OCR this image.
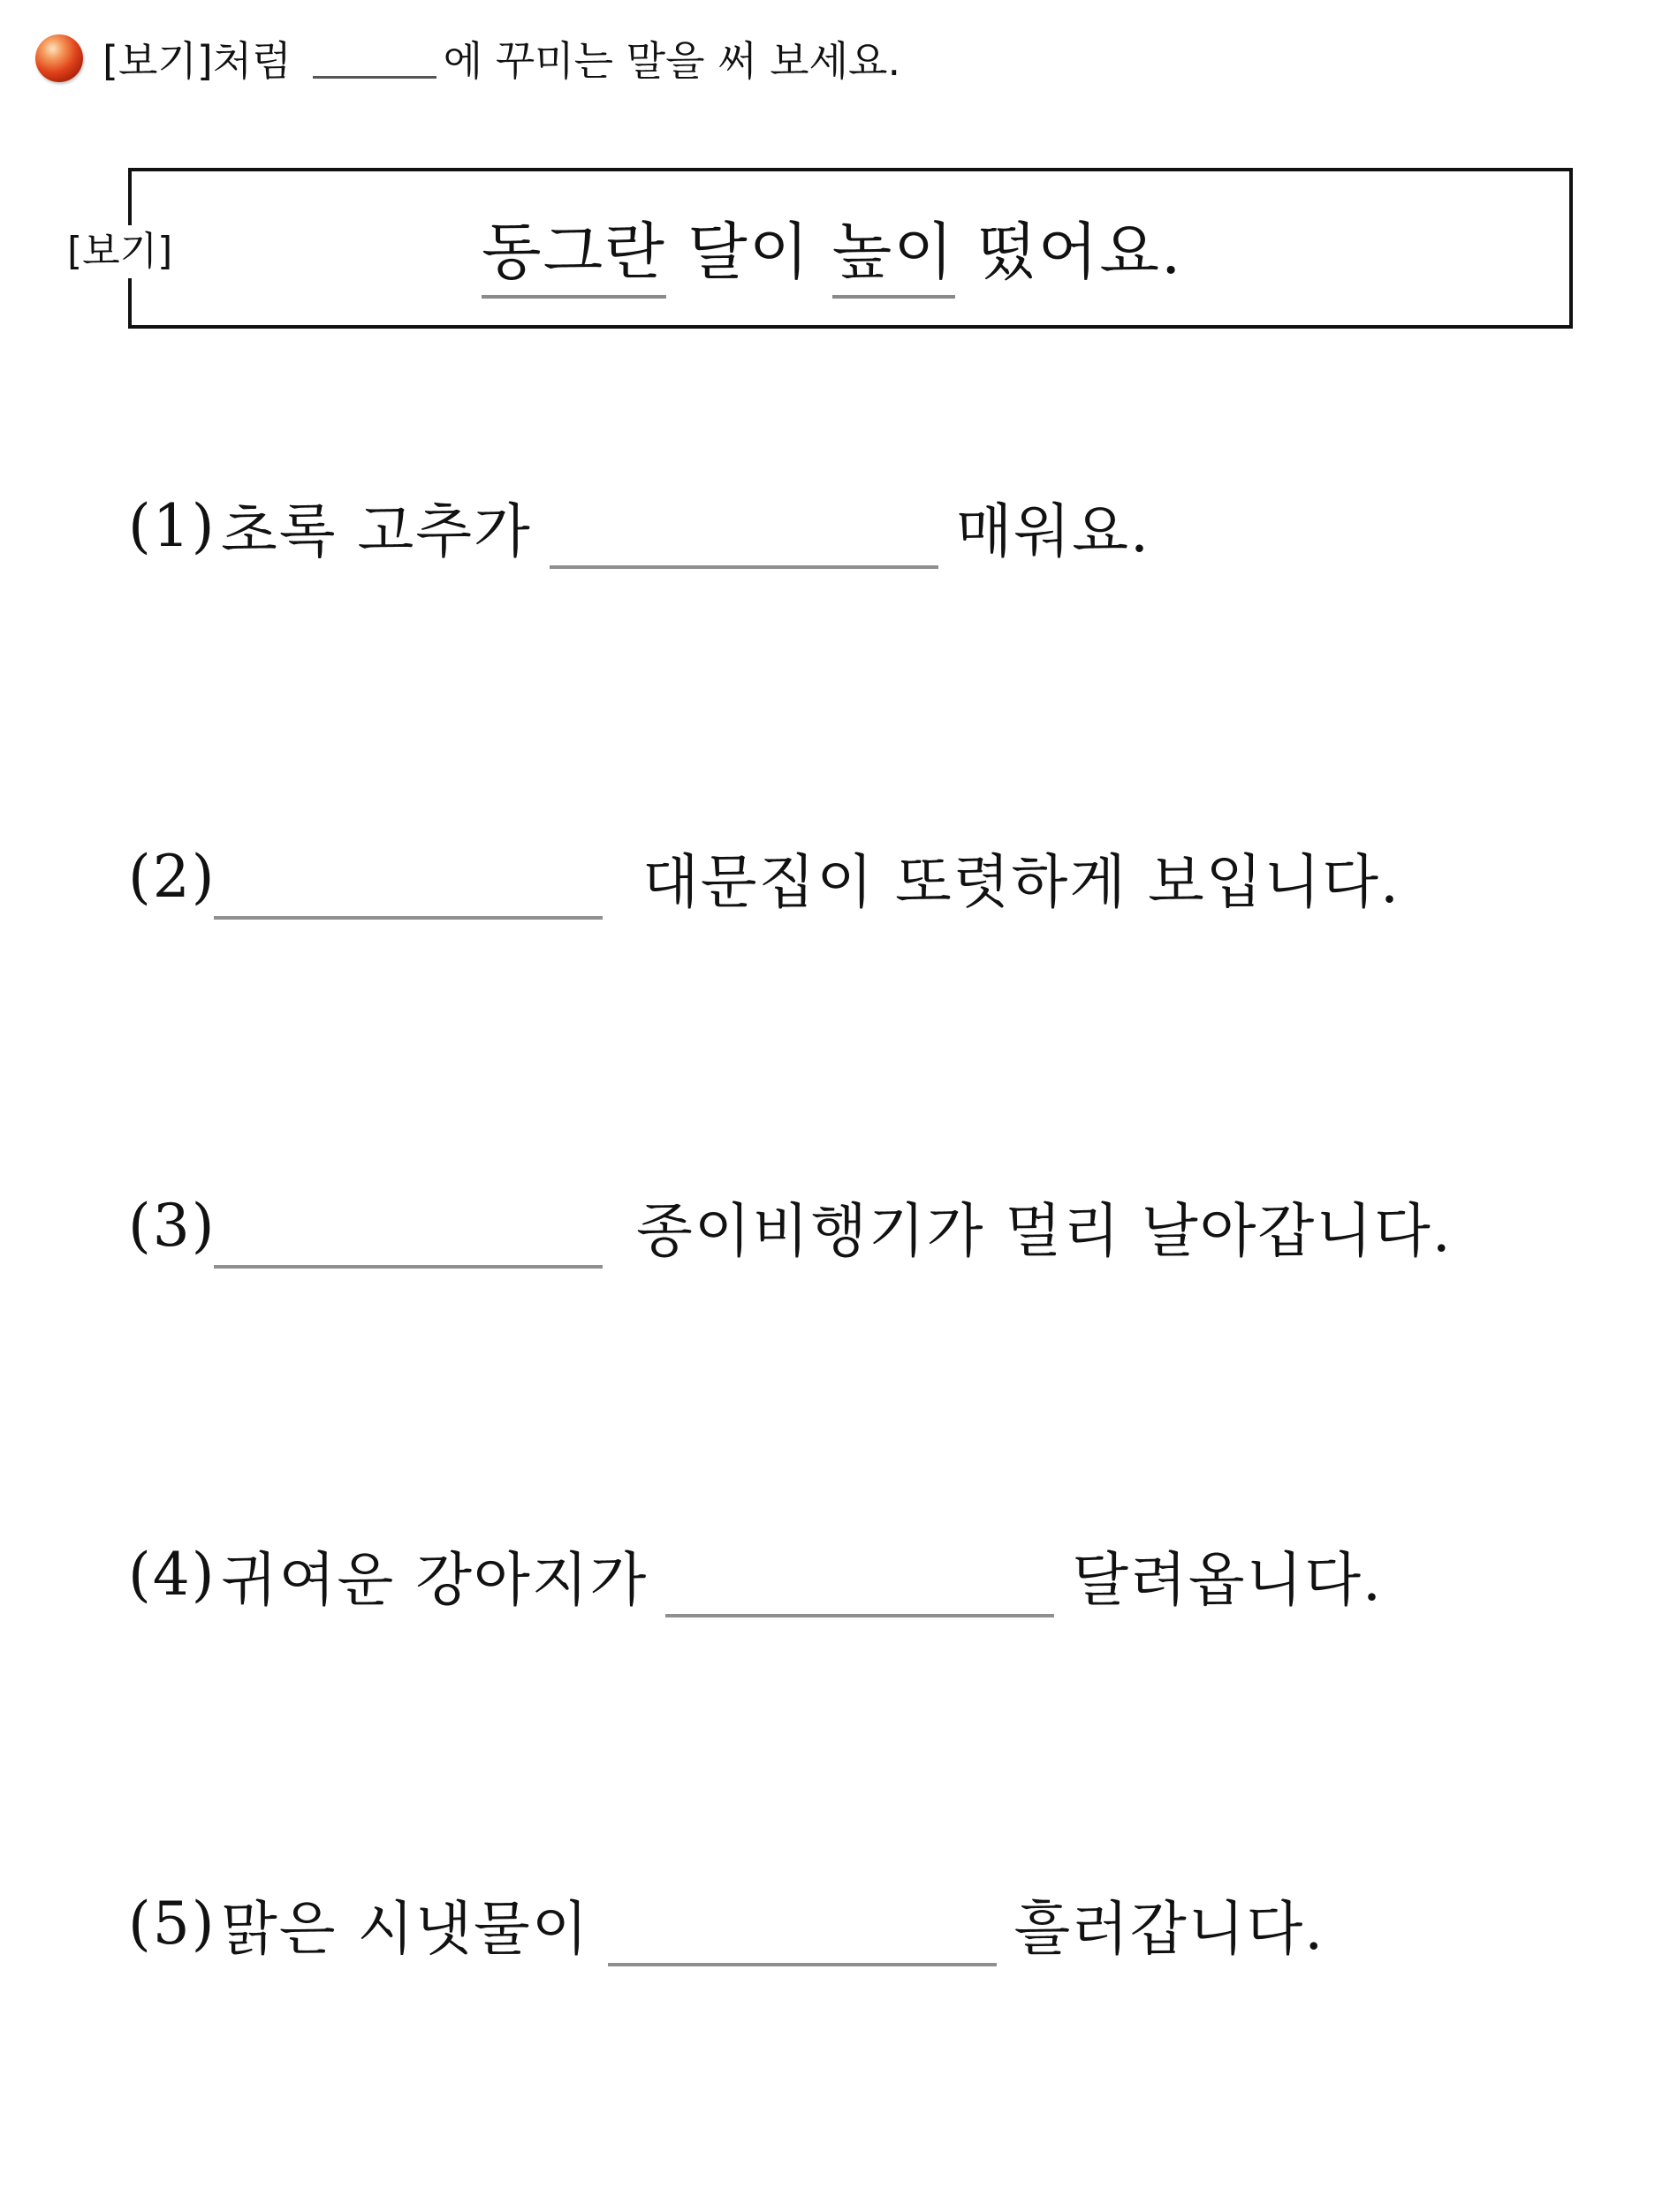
[보기]처럼	에 꾸미는 말을 써 보세요.
[보기]	동그란 달이 높이 떴어요.
(1) 초록 고추가	매워요.
(2)	대문집이 또렷하게 보입니다.
(3)	종이비행기가 멀리 날아갑니다.
(4) 귀여운 강아지가	달려옵니다.
(5) 맑은 시냇물이	흘러갑니다.
